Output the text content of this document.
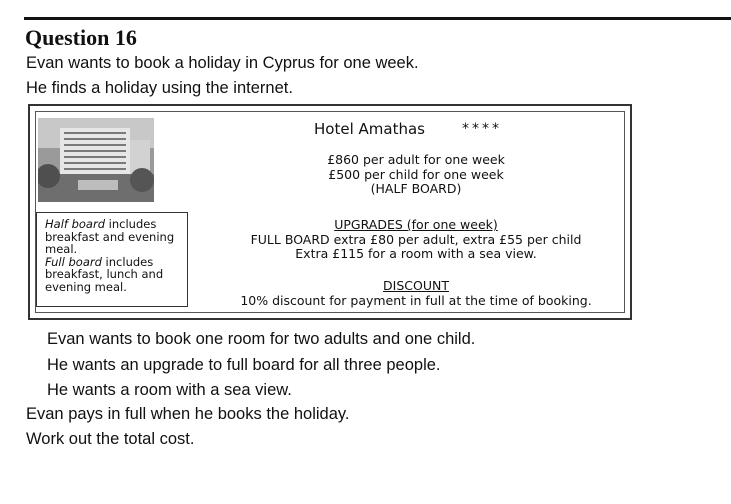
Question 16
Evan wants to book a holiday in Cyprus for one week.
He finds a holiday using the internet.
Hotel Amathas	****
£860 per adult for one week
£500 per child for one week
(HALF BOARD)
UPGRADES (for one week)
FULL BOARD extra £80 per adult, extra £55 per child
Extra £115 for a room with a sea view.
DISCOUNT
10% discount for payment in full at the time of booking.
Half board includes
breakfast and evening
meal.
Full board includes
breakfast, lunch and
evening meal.
Evan wants to book one room for two adults and one child.
He wants an upgrade to full board for all three people.
He wants a room with a sea view.
Evan pays in full when he books the holiday.
Work out the total cost.
